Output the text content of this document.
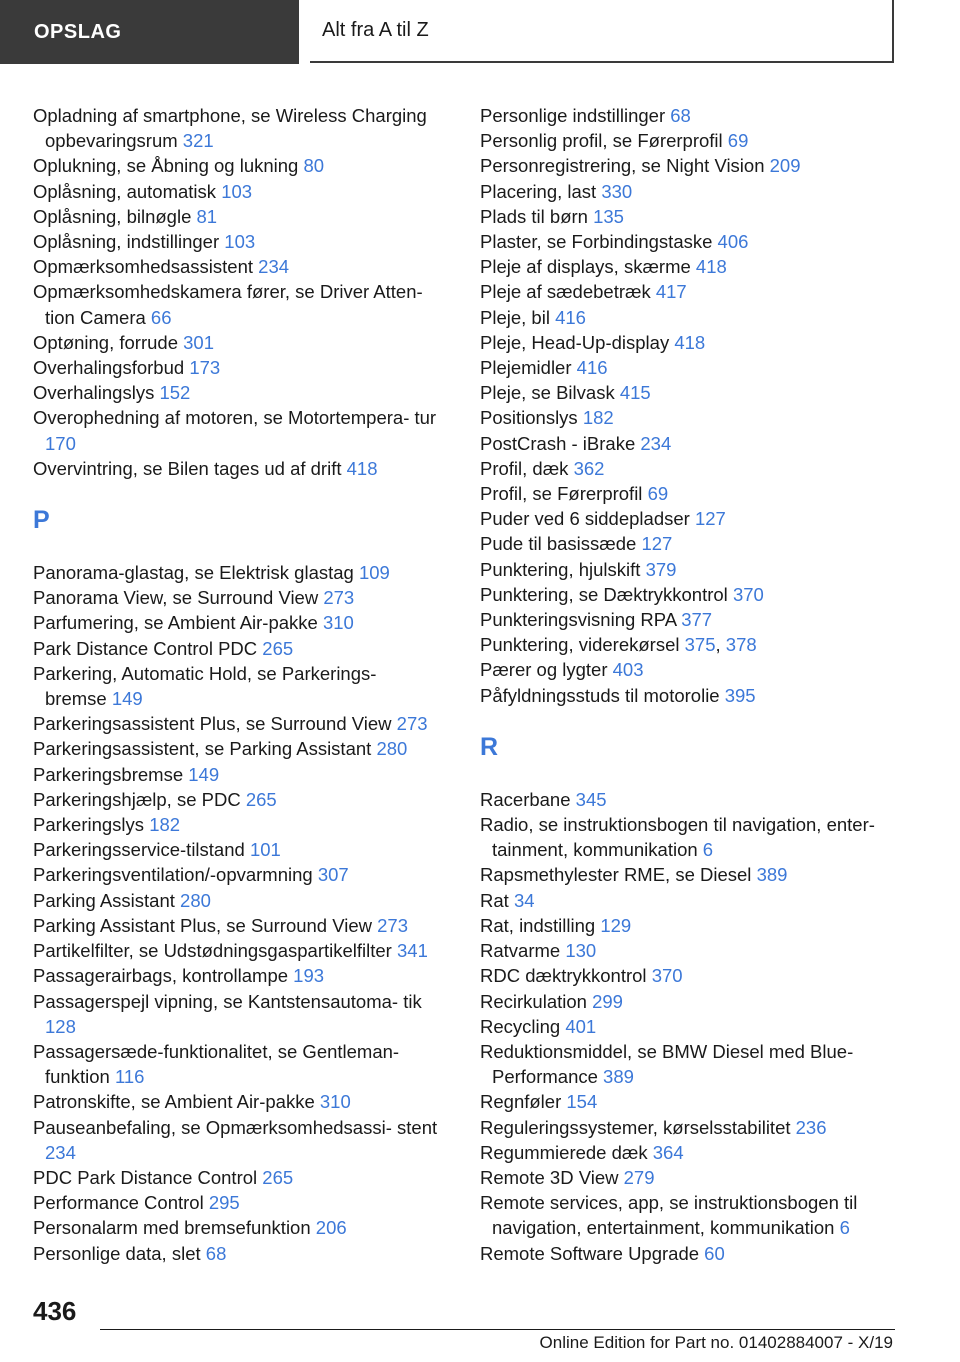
OPSLAG	Alt fra A til Z
Opladning af smartphone, se Wireless Charging opbevaringsrum 321
Oplukning, se Åbning og lukning 80
Oplåsning, automatisk 103
Oplåsning, bilnøgle 81
Oplåsning, indstillinger 103
Opmærksomhedsassistent 234
Opmærksomhedskamera fører, se Driver Atten‐ tion Camera 66
Optøning, forrude 301
Overhalingsforbud 173
Overhalingslys 152
Overophedning af motoren, se Motortempera‐ tur 170
Overvintring, se Bilen tages ud af drift 418
P
Panorama-glastag, se Elektrisk glastag 109
Panorama View, se Surround View 273
Parfumering, se Ambient Air-pakke 310
Park Distance Control PDC 265
Parkering, Automatic Hold, se Parkerings‐ bremse 149
Parkeringsassistent Plus, se Surround View 273
Parkeringsassistent, se Parking Assistant 280
Parkeringsbremse 149
Parkeringshjælp, se PDC 265
Parkeringslys 182
Parkeringsservice-tilstand 101
Parkeringsventilation/-opvarmning 307
Parking Assistant 280
Parking Assistant Plus, se Surround View 273
Partikelfilter, se Udstødningsgaspartikelfilter 341
Passagerairbags, kontrollampe 193
Passagerspejl vipning, se Kantstensautoma‐ tik 128
Passagersæde-funktionalitet, se Gentleman‐ funktion 116
Patronskifte, se Ambient Air-pakke 310
Pauseanbefaling, se Opmærksomhedsassi‐ stent 234
PDC Park Distance Control 265
Performance Control 295
Personalarm med bremsefunktion 206
Personlige data, slet 68
Personlige indstillinger 68
Personlig profil, se Førerprofil 69
Personregistrering, se Night Vision 209
Placering, last 330
Plads til børn 135
Plaster, se Forbindingstaske 406
Pleje af displays, skærme 418
Pleje af sædebetræk 417
Pleje, bil 416
Pleje, Head-Up-display 418
Plejemidler 416
Pleje, se Bilvask 415
Positionslys 182
PostCrash - iBrake 234
Profil, dæk 362
Profil, se Førerprofil 69
Puder ved 6 siddepladser 127
Pude til basissæde 127
Punktering, hjulskift 379
Punktering, se Dæktrykkontrol 370
Punkteringsvisning RPA 377
Punktering, viderekørsel 375, 378
Pærer og lygter 403
Påfyldningsstuds til motorolie 395
R
Racerbane 345
Radio, se instruktionsbogen til navigation, enter‐ tainment, kommunikation 6
Rapsmethylester RME, se Diesel 389
Rat 34
Rat, indstilling 129
Ratvarme 130
RDC dæktrykkontrol 370
Recirkulation 299
Recycling 401
Reduktionsmiddel, se BMW Diesel med Blue‐ Performance 389
Regnføler 154
Reguleringssystemer, kørselsstabilitet 236
Regummierede dæk 364
Remote 3D View 279
Remote services, app, se instruktionsbogen til navigation, entertainment, kommunikation 6
Remote Software Upgrade 60
436
Online Edition for Part no. 01402884007 - X/19
